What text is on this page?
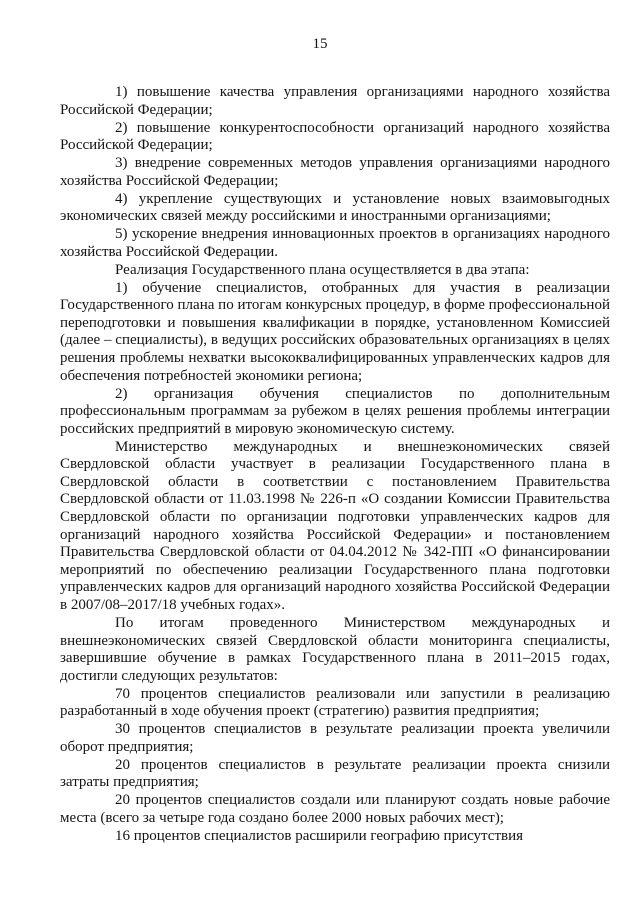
15

1) повышение качества управления организациями народного хозяйства Российской Федерации;

2) повышение конкурентоспособности организаций народного хозяйства Российской Федерации;

3) внедрение современных методов управления организациями народного хозяйства Российской Федерации;

4) укрепление существующих и установление новых взаимовыгодных экономических связей между российскими и иностранными организациями;

5) ускорение внедрения инновационных проектов в организациях народного хозяйства Российской Федерации.

Реализация Государственного плана осуществляется в два этапа:

1) обучение специалистов, отобранных для участия в реализации Государственного плана по итогам конкурсных процедур, в форме профессиональной переподготовки и повышения квалификации в порядке, установленном Комиссией (далее – специалисты), в ведущих российских образовательных организациях в целях решения проблемы нехватки высококвалифицированных управленческих кадров для обеспечения потребностей экономики региона;

2) организация обучения специалистов по дополнительным профессиональным программам за рубежом в целях решения проблемы интеграции российских предприятий в мировую экономическую систему.

Министерство международных и внешнеэкономических связей Свердловской области участвует в реализации Государственного плана в Свердловской области в соответствии с постановлением Правительства Свердловской области от 11.03.1998 № 226-п «О создании Комиссии Правительства Свердловской области по организации подготовки управленческих кадров для организаций народного хозяйства Российской Федерации» и постановлением Правительства Свердловской области от 04.04.2012 № 342-ПП «О финансировании мероприятий по обеспечению реализации Государственного плана подготовки управленческих кадров для организаций народного хозяйства Российской Федерации в 2007/08–2017/18 учебных годах».

По итогам проведенного Министерством международных и внешнеэкономических связей Свердловской области мониторинга специалисты, завершившие обучение в рамках Государственного плана в 2011–2015 годах, достигли следующих результатов:

70 процентов специалистов реализовали или запустили в реализацию разработанный в ходе обучения проект (стратегию) развития предприятия;

30 процентов специалистов в результате реализации проекта увеличили оборот предприятия;

20 процентов специалистов в результате реализации проекта снизили затраты предприятия;

20 процентов специалистов создали или планируют создать новые рабочие места (всего за четыре года создано более 2000 новых рабочих мест);

16 процентов специалистов расширили географию присутствия
